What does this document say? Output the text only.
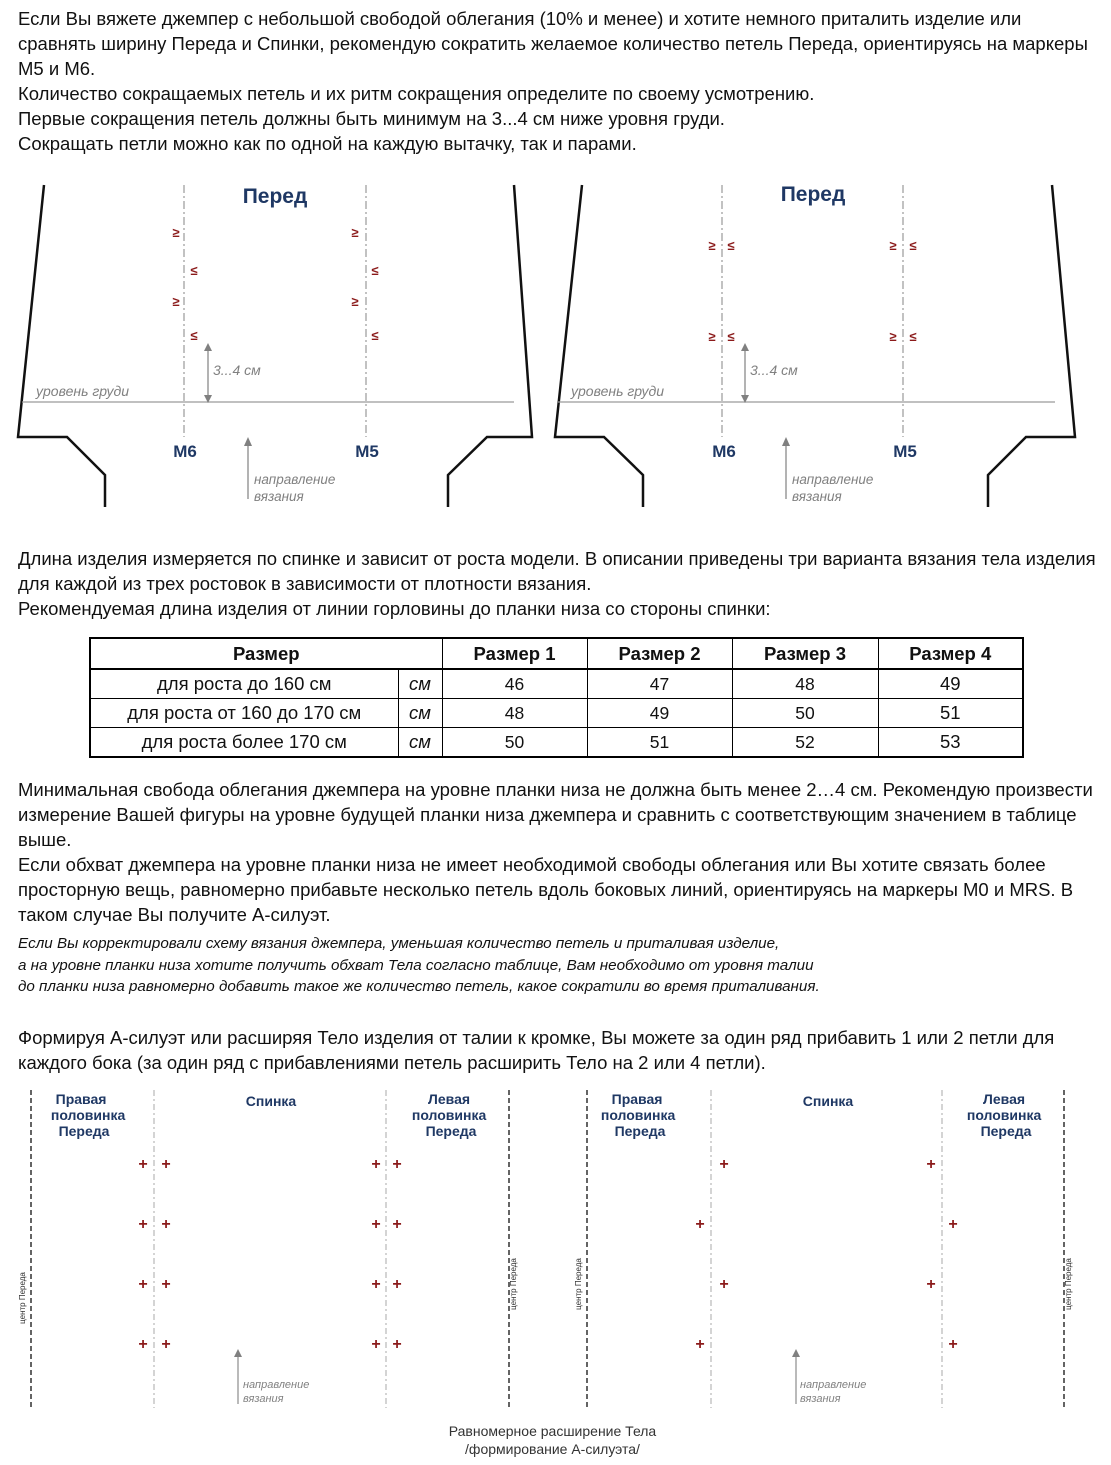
Если Вы вяжете джемпер с небольшой свободой облегания (10% и менее) и хотите немного приталить изделие или сравнять ширину Переда и Спинки, рекомендую сократить желаемое количество петель Переда, ориентируясь на маркеры М5 и М6.

Количество сокращаемых петель и их ритм сокращения определите по своему усмотрению.

Первые сокращения петель должны быть минимум на 3...4 см ниже уровня груди.

Сокращать петли можно как по одной на каждую вытачку, так и парами.

Перед
≥
≤
≥
≤
≥
≤
≥
≤
3...4 см
уровень груди
М6	М5
направление
вязания
Перед
≥ ≤
≥ ≤
≥ ≤
≥ ≤
3...4 см
уровень груди
М6	М5
направление
вязания

Длина изделия измеряется по спинке и зависит от роста модели. В описании приведены три варианта вязания тела изделия для каждой из трех ростовок в зависимости от плотности вязания.

Рекомендуемая длина изделия от линии горловины до планки низа со стороны спинки:

Размер		Размер 1	Размер 2	Размер 3	Размер 4
для роста до 160 см	см	46	47	48	49
для роста от 160 до 170 см	см	48	49	50	51
для роста более 170 см	см	50	51	52	53

Минимальная свобода облегания джемпера на уровне планки низа не должна быть менее 2…4 см. Рекомендую произвести измерение Вашей фигуры на уровне будущей планки низа джемпера и сравнить с соответствующим значением в таблице выше.

Если обхват джемпера на уровне планки низа не имеет необходимой свободы облегания или Вы хотите связать более просторную вещь, равномерно прибавьте несколько петель вдоль боковых линий, ориентируясь на маркеры М0 и MRS. В таком случае Вы получите А-силуэт.

Если Вы корректировали схему вязания джемпера, уменьшая количество петель и приталивая изделие,

а на уровне планки низа хотите получить обхват Тела согласно таблице, Вам необходимо от уровня талии

до планки низа равномерно добавить такое же количество петель, какое сократили во время приталивания.

Формируя А-силуэт или расширяя Тело изделия от талии к кромке, Вы можете за один ряд прибавить 1 или 2 петли для каждого бока (за один ряд с прибавлениями петель расширить Тело на 2 или 4 петли).

Правая половинка Переда
Спинка	Левая половинка Переда
центр Переда	центр Переда
+ +	+ +
+ +	+ +
+ +	+ +
+ +	+ +
направление
вязания
Правая половинка Переда
Спинка	Левая половинка Переда
центр Переда	центр Переда
+	+
+	+
+	+
+	+
направление
вязания
Равномерное расширение Тела
/формирование А-силуэта/
